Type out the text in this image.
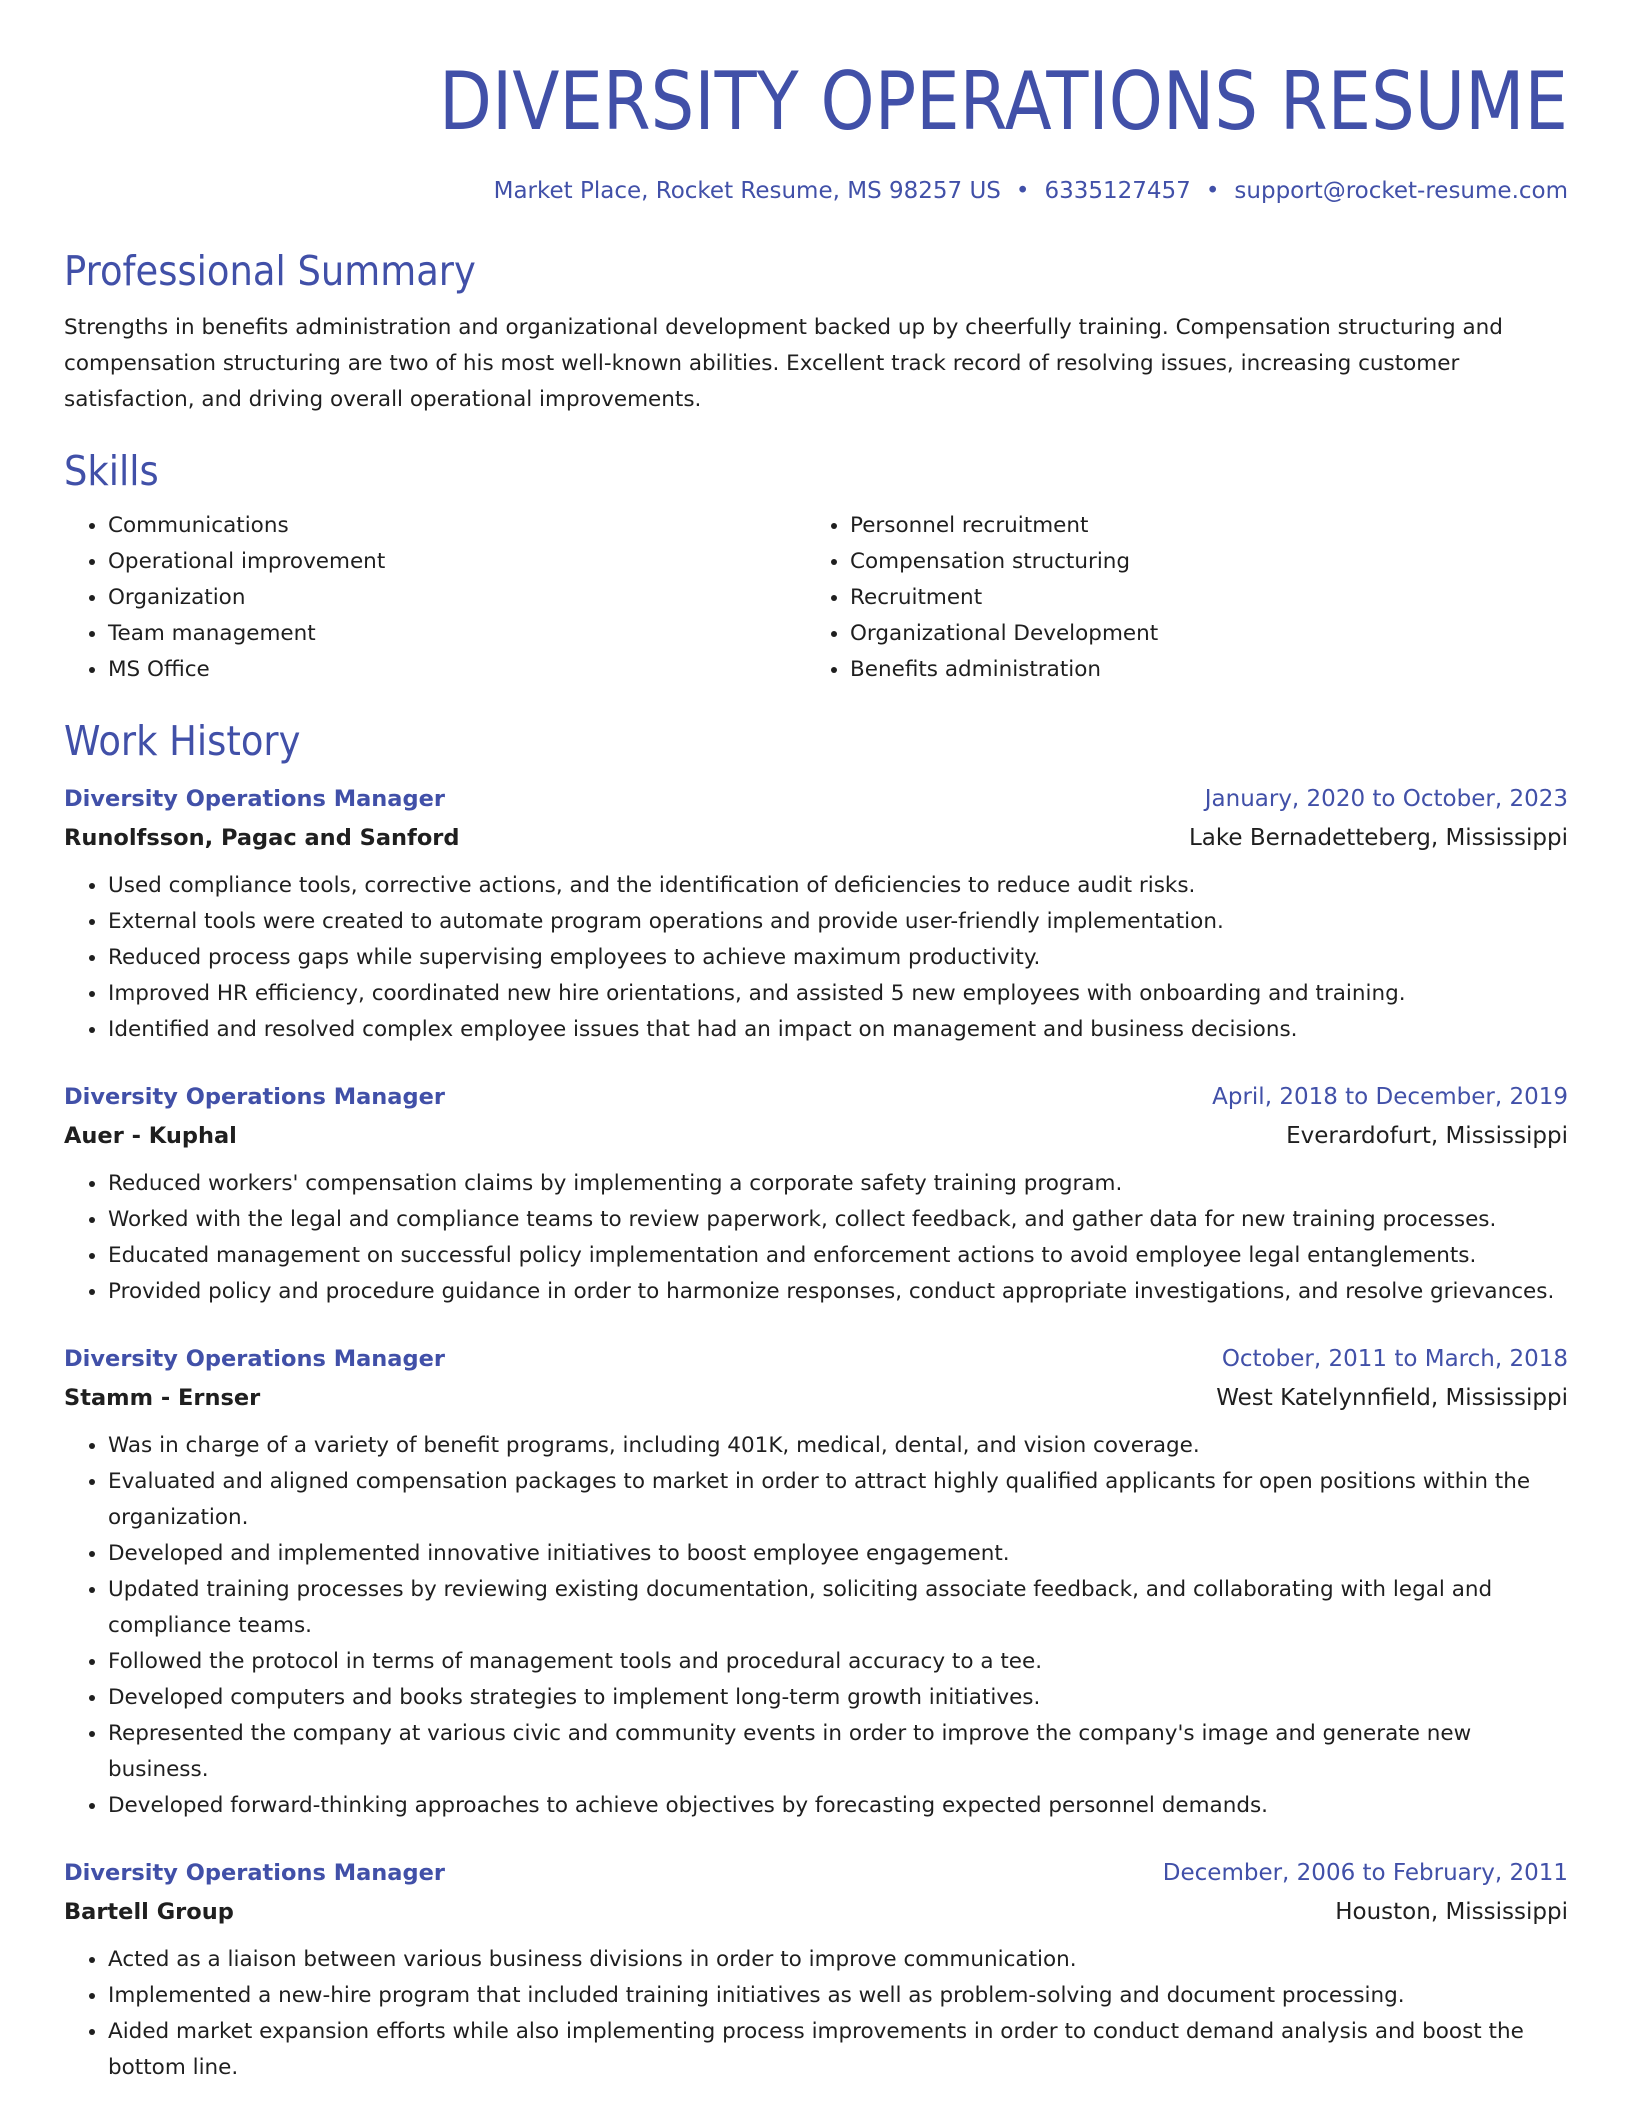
DIVERSITY OPERATIONS RESUME
Market Place, Rocket Resume, MS 98257 US • 6335127457 • support@rocket-resume.com
Professional Summary

Strengths in benefits administration and organizational development backed up by cheerfully training. Compensation structuring and compensation structuring are two of his most well-known abilities. Excellent track record of resolving issues, increasing customer satisfaction, and driving overall operational improvements.

Skills
• Communications
• Operational improvement
• Organization
• Team management
• MS Office
• Personnel recruitment
• Compensation structuring
• Recruitment
• Organizational Development
• Benefits administration
Work History
Diversity Operations Manager	January, 2020 to October, 2023
Runolfsson, Pagac and Sanford	Lake Bernadetteberg, Mississippi
• Used compliance tools, corrective actions, and the identification of deficiencies to reduce audit risks.
• External tools were created to automate program operations and provide user-friendly implementation.
• Reduced process gaps while supervising employees to achieve maximum productivity.
• Improved HR efficiency, coordinated new hire orientations, and assisted 5 new employees with onboarding and training.
• Identified and resolved complex employee issues that had an impact on management and business decisions.
Diversity Operations Manager	April, 2018 to December, 2019
Auer - Kuphal	Everardofurt, Mississippi
• Reduced workers' compensation claims by implementing a corporate safety training program.
• Worked with the legal and compliance teams to review paperwork, collect feedback, and gather data for new training processes.
• Educated management on successful policy implementation and enforcement actions to avoid employee legal entanglements.
• Provided policy and procedure guidance in order to harmonize responses, conduct appropriate investigations, and resolve grievances.
Diversity Operations Manager	October, 2011 to March, 2018
Stamm - Ernser	West Katelynnfield, Mississippi
• Was in charge of a variety of benefit programs, including 401K, medical, dental, and vision coverage.
• Evaluated and aligned compensation packages to market in order to attract highly qualified applicants for open positions within the organization.
• Developed and implemented innovative initiatives to boost employee engagement.
• Updated training processes by reviewing existing documentation, soliciting associate feedback, and collaborating with legal and compliance teams.
• Followed the protocol in terms of management tools and procedural accuracy to a tee.
• Developed computers and books strategies to implement long-term growth initiatives.
• Represented the company at various civic and community events in order to improve the company's image and generate new business.
• Developed forward-thinking approaches to achieve objectives by forecasting expected personnel demands.
Diversity Operations Manager	December, 2006 to February, 2011
Bartell Group	Houston, Mississippi
• Acted as a liaison between various business divisions in order to improve communication.
• Implemented a new-hire program that included training initiatives as well as problem-solving and document processing.
• Aided market expansion efforts while also implementing process improvements in order to conduct demand analysis and boost the bottom line.
